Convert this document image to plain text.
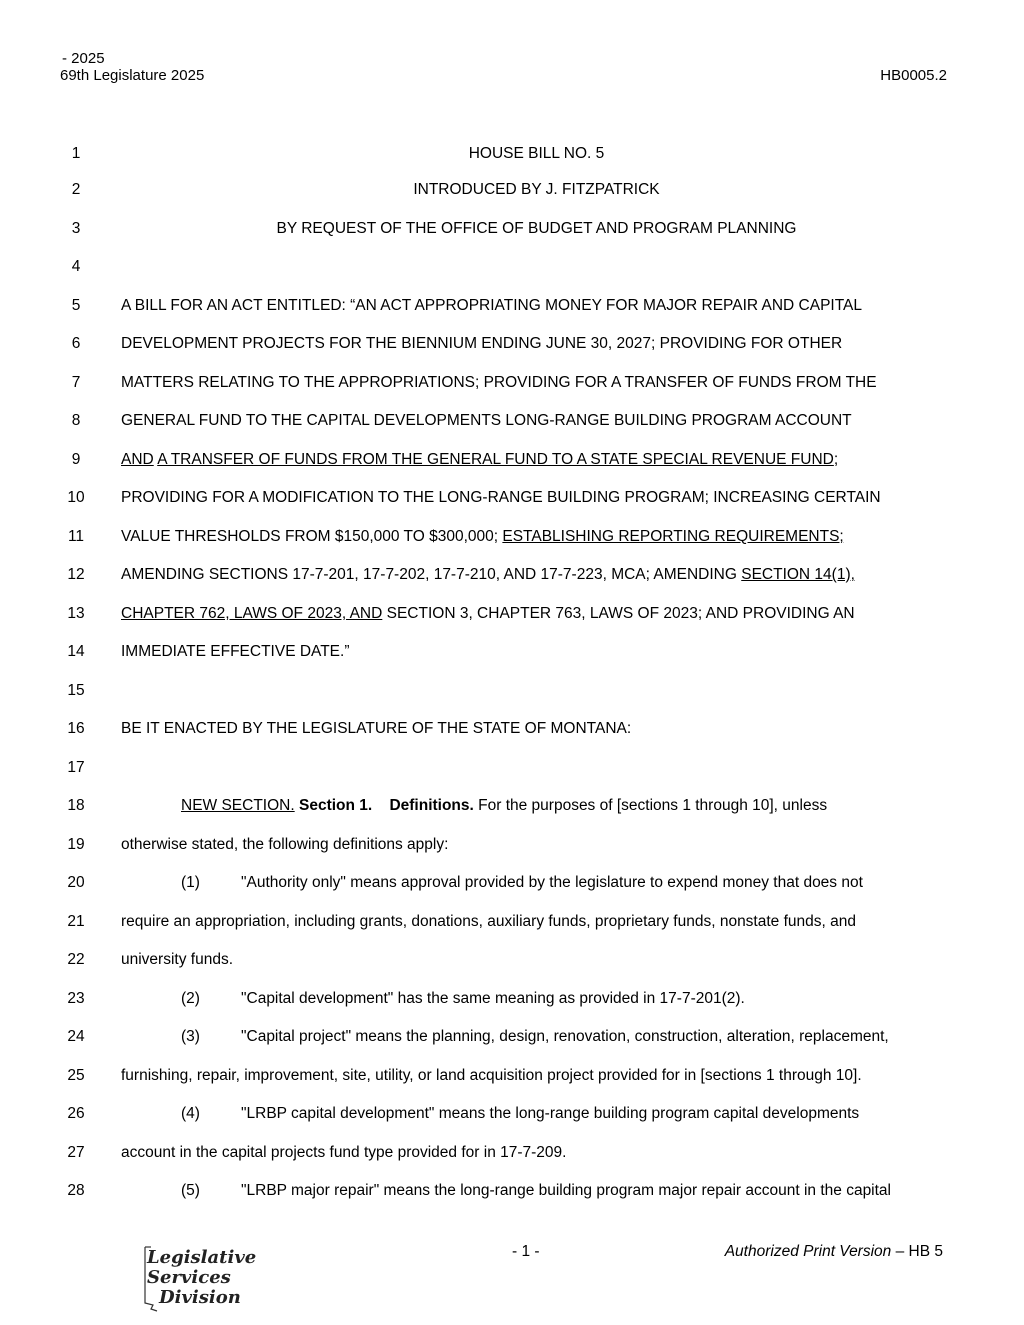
- 2025
69th Legislature 2025	HB0005.2
1	HOUSE BILL NO. 5
2	INTRODUCED BY J. FITZPATRICK
3	BY REQUEST OF THE OFFICE OF BUDGET AND PROGRAM PLANNING
4
5	A BILL FOR AN ACT ENTITLED: “AN ACT APPROPRIATING MONEY FOR MAJOR REPAIR AND CAPITAL
6	DEVELOPMENT PROJECTS FOR THE BIENNIUM ENDING JUNE 30, 2027; PROVIDING FOR OTHER
7	MATTERS RELATING TO THE APPROPRIATIONS; PROVIDING FOR A TRANSFER OF FUNDS FROM THE
8	GENERAL FUND TO THE CAPITAL DEVELOPMENTS LONG-RANGE BUILDING PROGRAM ACCOUNT
9	AND A TRANSFER OF FUNDS FROM THE GENERAL FUND TO A STATE SPECIAL REVENUE FUND;
10	PROVIDING FOR A MODIFICATION TO THE LONG-RANGE BUILDING PROGRAM; INCREASING CERTAIN
11	VALUE THRESHOLDS FROM $150,000 TO $300,000; ESTABLISHING REPORTING REQUIREMENTS;
12	AMENDING SECTIONS 17-7-201, 17-7-202, 17-7-210, AND 17-7-223, MCA; AMENDING SECTION 14(1),
13	CHAPTER 762, LAWS OF 2023, AND SECTION 3, CHAPTER 763, LAWS OF 2023; AND PROVIDING AN
14	IMMEDIATE EFFECTIVE DATE.”
15
16	BE IT ENACTED BY THE LEGISLATURE OF THE STATE OF MONTANA:
17
18	NEW SECTION. Section 1. Definitions. For the purposes of [sections 1 through 10], unless
19	otherwise stated, the following definitions apply:
20	(1)	"Authority only" means approval provided by the legislature to expend money that does not
21	require an appropriation, including grants, donations, auxiliary funds, proprietary funds, nonstate funds, and
22	university funds.
23	(2)	"Capital development" has the same meaning as provided in 17-7-201(2).
24	(3)	"Capital project" means the planning, design, renovation, construction, alteration, replacement,
25	furnishing, repair, improvement, site, utility, or land acquisition project provided for in [sections 1 through 10].
26	(4)	"LRBP capital development" means the long-range building program capital developments
27	account in the capital projects fund type provided for in 17-7-209.
28	(5)	"LRBP major repair" means the long-range building program major repair account in the capital
Legislative
Services
Division
- 1 -	Authorized Print Version – HB 5
